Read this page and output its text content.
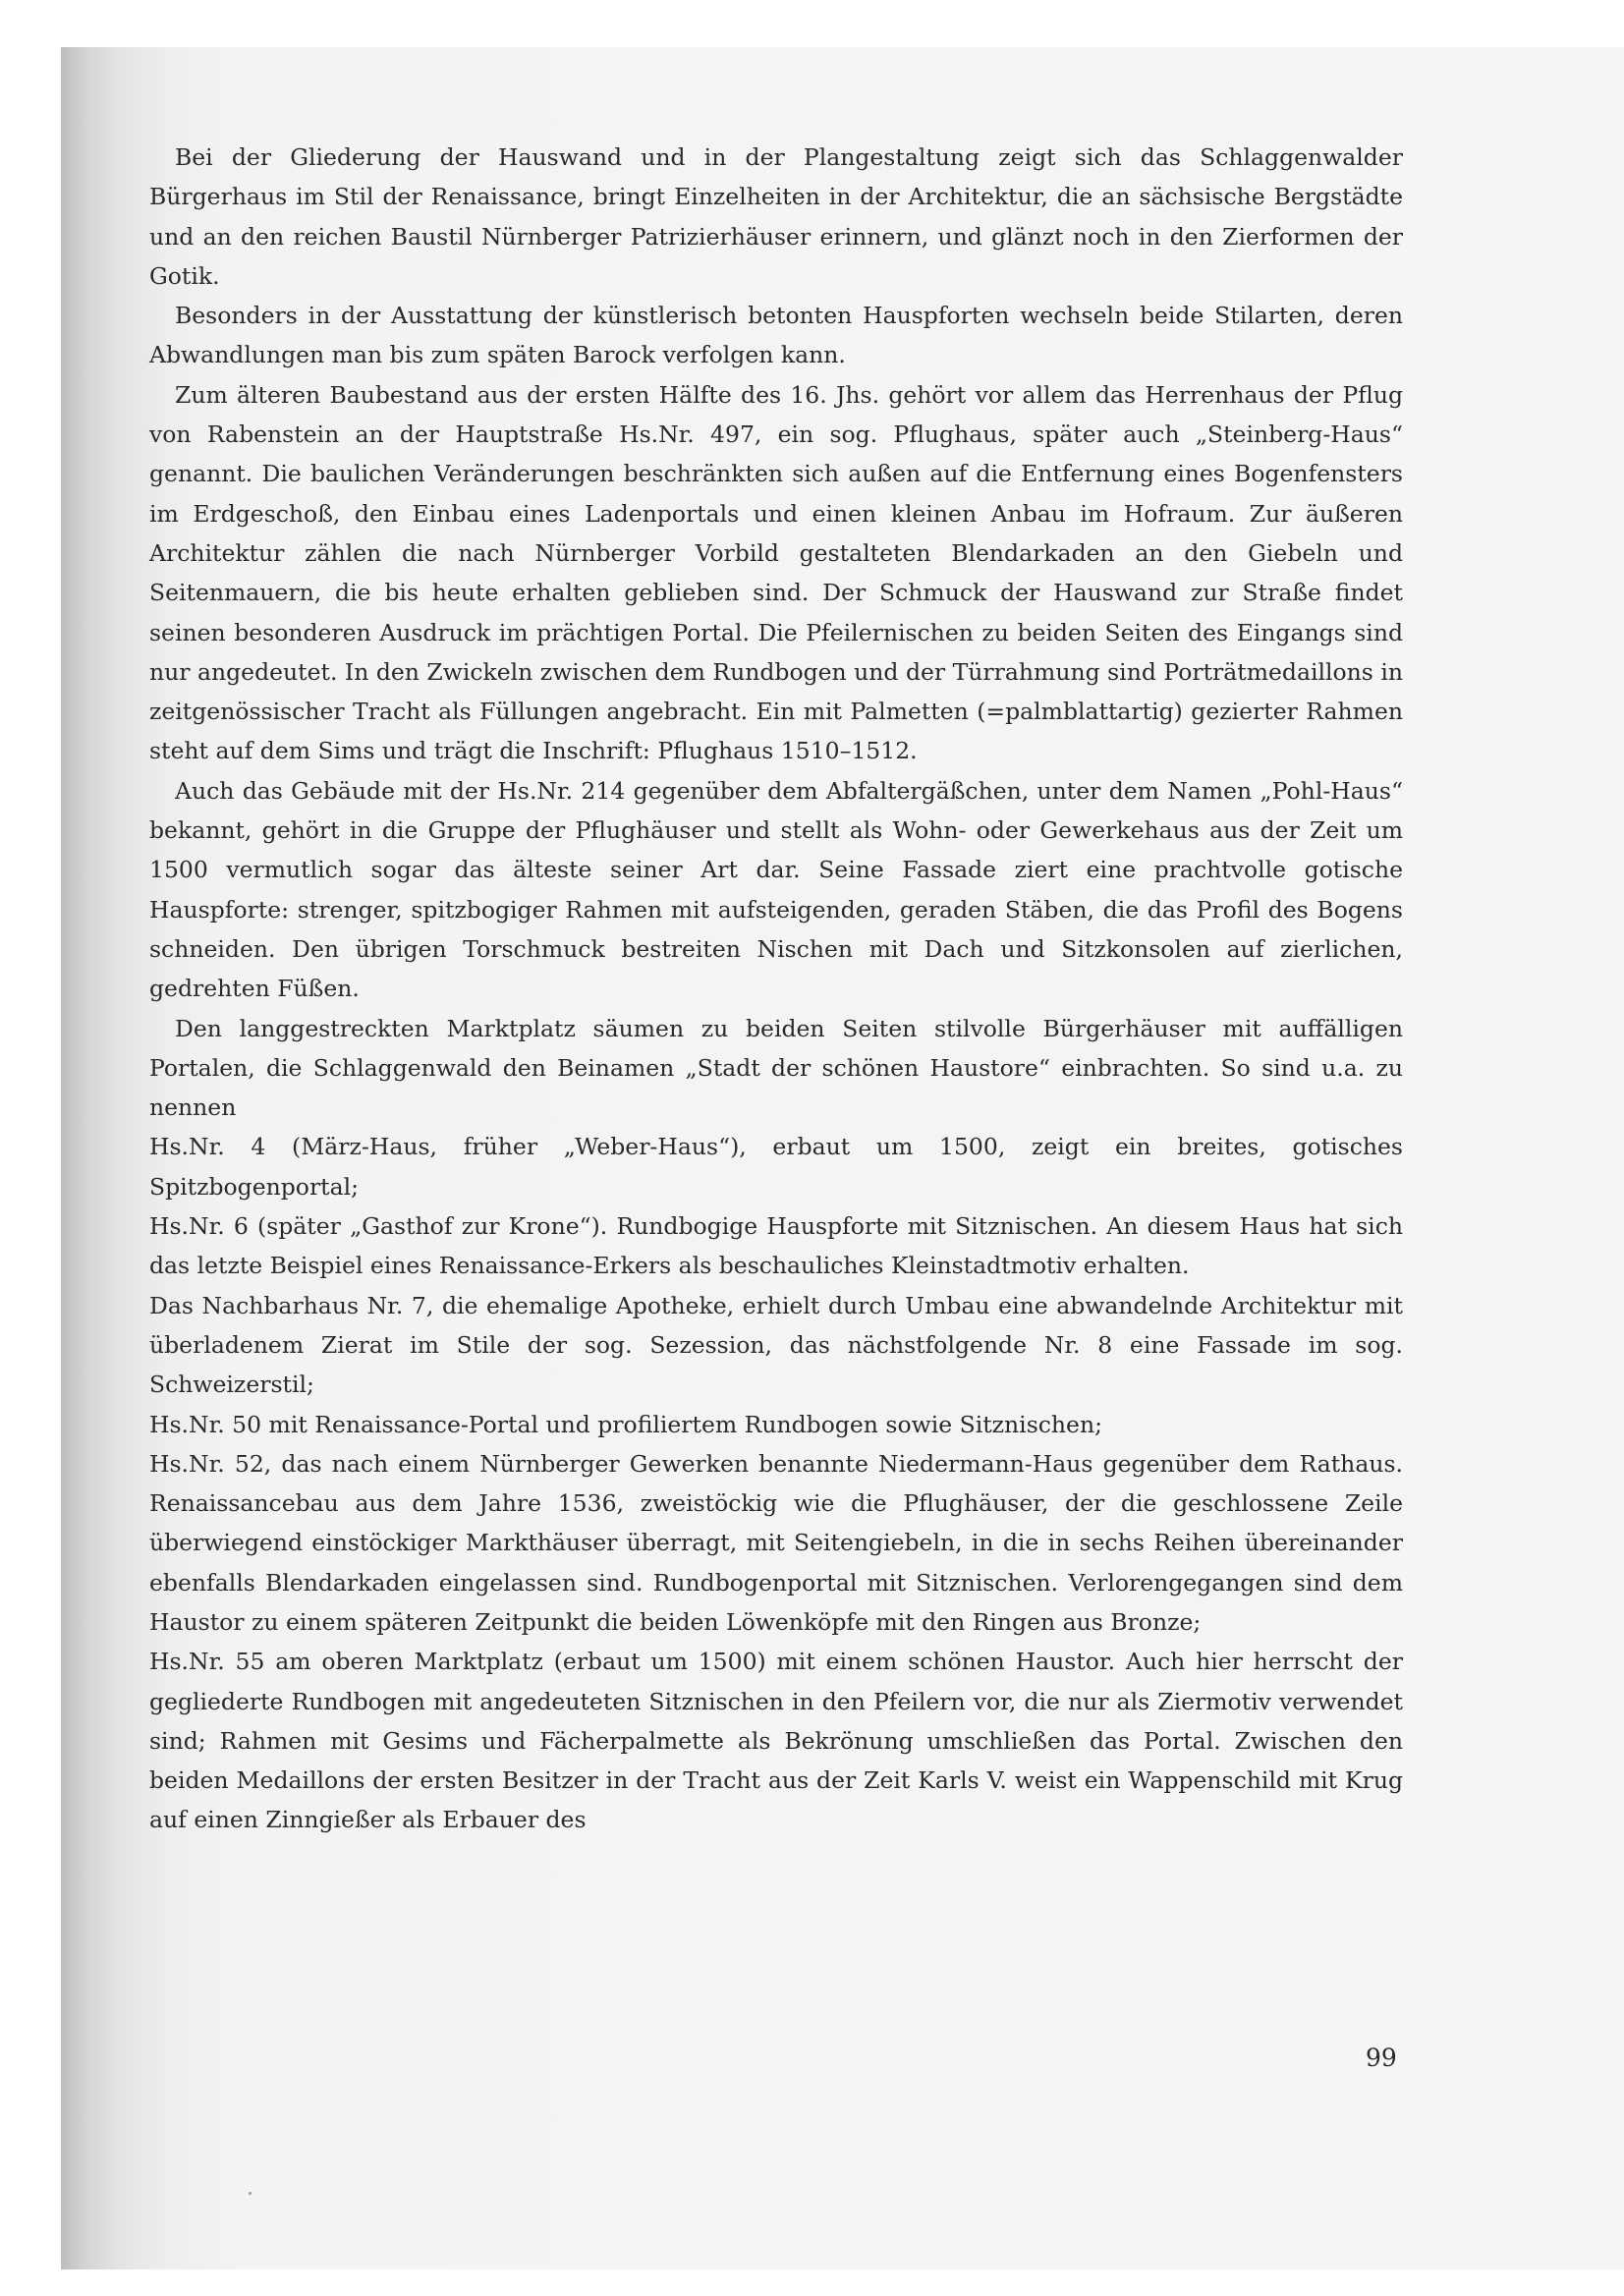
Bei der Gliederung der Hauswand und in der Plangestaltung zeigt sich das Schlaggenwalder Bürgerhaus im Stil der Renaissance, bringt Einzelheiten in der Architektur, die an sächsische Bergstädte und an den reichen Baustil Nürnberger Patrizierhäuser erinnern, und glänzt noch in den Zierformen der Gotik.

Besonders in der Ausstattung der künstlerisch betonten Hauspforten wechseln beide Stilarten, deren Abwandlungen man bis zum späten Barock verfolgen kann.

Zum älteren Baubestand aus der ersten Hälfte des 16. Jhs. gehört vor allem das Herrenhaus der Pflug von Rabenstein an der Hauptstraße Hs.Nr. 497, ein sog. Pflughaus, später auch „Steinberg-Haus“ genannt. Die baulichen Veränderungen beschränkten sich außen auf die Entfernung eines Bogenfensters im Erdgeschoß, den Einbau eines Ladenportals und einen kleinen Anbau im Hofraum. Zur äußeren Architektur zählen die nach Nürnberger Vorbild gestalteten Blendarkaden an den Giebeln und Seitenmauern, die bis heute erhalten geblieben sind. Der Schmuck der Hauswand zur Straße findet seinen besonderen Ausdruck im prächtigen Portal. Die Pfeilernischen zu beiden Seiten des Eingangs sind nur angedeutet. In den Zwickeln zwischen dem Rundbogen und der Türrahmung sind Porträtmedaillons in zeitgenössischer Tracht als Füllungen angebracht. Ein mit Palmetten (=palmblattartig) gezierter Rahmen steht auf dem Sims und trägt die Inschrift: Pflughaus 1510–1512.

Auch das Gebäude mit der Hs.Nr. 214 gegenüber dem Abfaltergäßchen, unter dem Namen „Pohl-Haus“ bekannt, gehört in die Gruppe der Pflughäuser und stellt als Wohn- oder Gewerkehaus aus der Zeit um 1500 vermutlich sogar das älteste seiner Art dar. Seine Fassade ziert eine prachtvolle gotische Hauspforte: strenger, spitzbogiger Rahmen mit aufsteigenden, geraden Stäben, die das Profil des Bogens schneiden. Den übrigen Torschmuck bestreiten Nischen mit Dach und Sitzkonsolen auf zierlichen, gedrehten Füßen.

Den langgestreckten Marktplatz säumen zu beiden Seiten stilvolle Bürgerhäuser mit auffälligen Portalen, die Schlaggenwald den Beinamen „Stadt der schönen Haustore“ einbrachten. So sind u.a. zu nennen

Hs.Nr. 4 (März-Haus, früher „Weber-Haus“), erbaut um 1500, zeigt ein breites, gotisches Spitzbogenportal;

Hs.Nr. 6 (später „Gasthof zur Krone“). Rundbogige Hauspforte mit Sitznischen. An diesem Haus hat sich das letzte Beispiel eines Renaissance-Erkers als beschauliches Kleinstadtmotiv erhalten.

Das Nachbarhaus Nr. 7, die ehemalige Apotheke, erhielt durch Umbau eine abwandelnde Architektur mit überladenem Zierat im Stile der sog. Sezession, das nächstfolgende Nr. 8 eine Fassade im sog. Schweizerstil;

Hs.Nr. 50 mit Renaissance-Portal und profiliertem Rundbogen sowie Sitznischen;

Hs.Nr. 52, das nach einem Nürnberger Gewerken benannte Niedermann-Haus gegenüber dem Rathaus. Renaissancebau aus dem Jahre 1536, zweistöckig wie die Pflughäuser, der die geschlossene Zeile überwiegend einstöckiger Markthäuser überragt, mit Seitengiebeln, in die in sechs Reihen übereinander ebenfalls Blendarkaden eingelassen sind. Rundbogenportal mit Sitznischen. Verlorengegangen sind dem Haustor zu einem späteren Zeitpunkt die beiden Löwenköpfe mit den Ringen aus Bronze;

Hs.Nr. 55 am oberen Marktplatz (erbaut um 1500) mit einem schönen Haustor. Auch hier herrscht der gegliederte Rundbogen mit angedeuteten Sitznischen in den Pfeilern vor, die nur als Ziermotiv verwendet sind; Rahmen mit Gesims und Fächerpalmette als Bekrönung umschließen das Portal. Zwischen den beiden Medaillons der ersten Besitzer in der Tracht aus der Zeit Karls V. weist ein Wappenschild mit Krug auf einen Zinngießer als Erbauer des

99
